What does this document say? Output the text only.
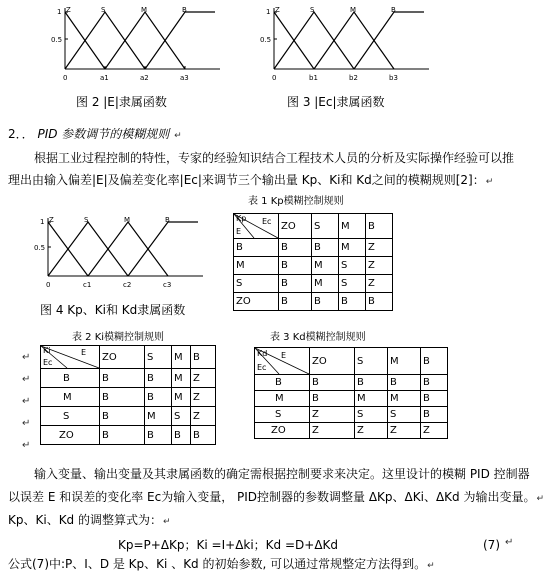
Z	S	M	B
1
0.5
0	a1	a2	a3
图 2 |E|隶属函数
Z	S	M	B
1
0.5
0	b1	b2	b3
图 3 |Ec|隶属函数
2．． PID 参数调节的模糊规则 ↵
根据工业过程控制的特性，专家的经验知识结合工程技术人员的分析及实际操作经验可以推
理出由输入偏差|E|及偏差变化率|Ec|来调节三个输出量 Kp、Ki和 Kd之间的模糊规则[2]：↵
Z	S	M	B
1
0.5
0	c1	c2	c3
图 4 Kp、Ki和 Kd隶属函数
表 1 Kp模糊控制规则
Kp Ec
E	ZO	S	M	B
B	B	B	M	Z
M	B	M	S	Z
S	B	M	S	Z
ZO	B	B	B	B
表 2 Ki模糊控制规则
Ki E
Ec	ZO	S	M	B
B	B	B	M	Z
M	B	B	M	Z
S	B	M	S	Z
ZO	B	B	B	B
↵
↵
↵
↵
↵
表 3 Kd模糊控制规则
Kd E
Ec	ZO	S	M	B
B	B	B	B	B
M	B	M	M	B
S	Z	S	S	B
ZO	Z	Z	Z	Z
输入变量、输出变量及其隶属函数的确定需根据控制要求来决定。这里设计的模糊 PID 控制器
以误差 E 和误差的变化率 Ec为输入变量， PID控制器的参数调整量 ΔKp、ΔKi、ΔKd 为输出变量。↵
Kp、Ki、Kd 的调整算式为：↵
Kp=P+ΔKp；Ki =I+Δki；Kd =D+ΔKd	(7) ↵
公式(7)中:P、I、D 是 Kp、Ki 、Kd 的初始参数, 可以通过常规整定方法得到。↵
